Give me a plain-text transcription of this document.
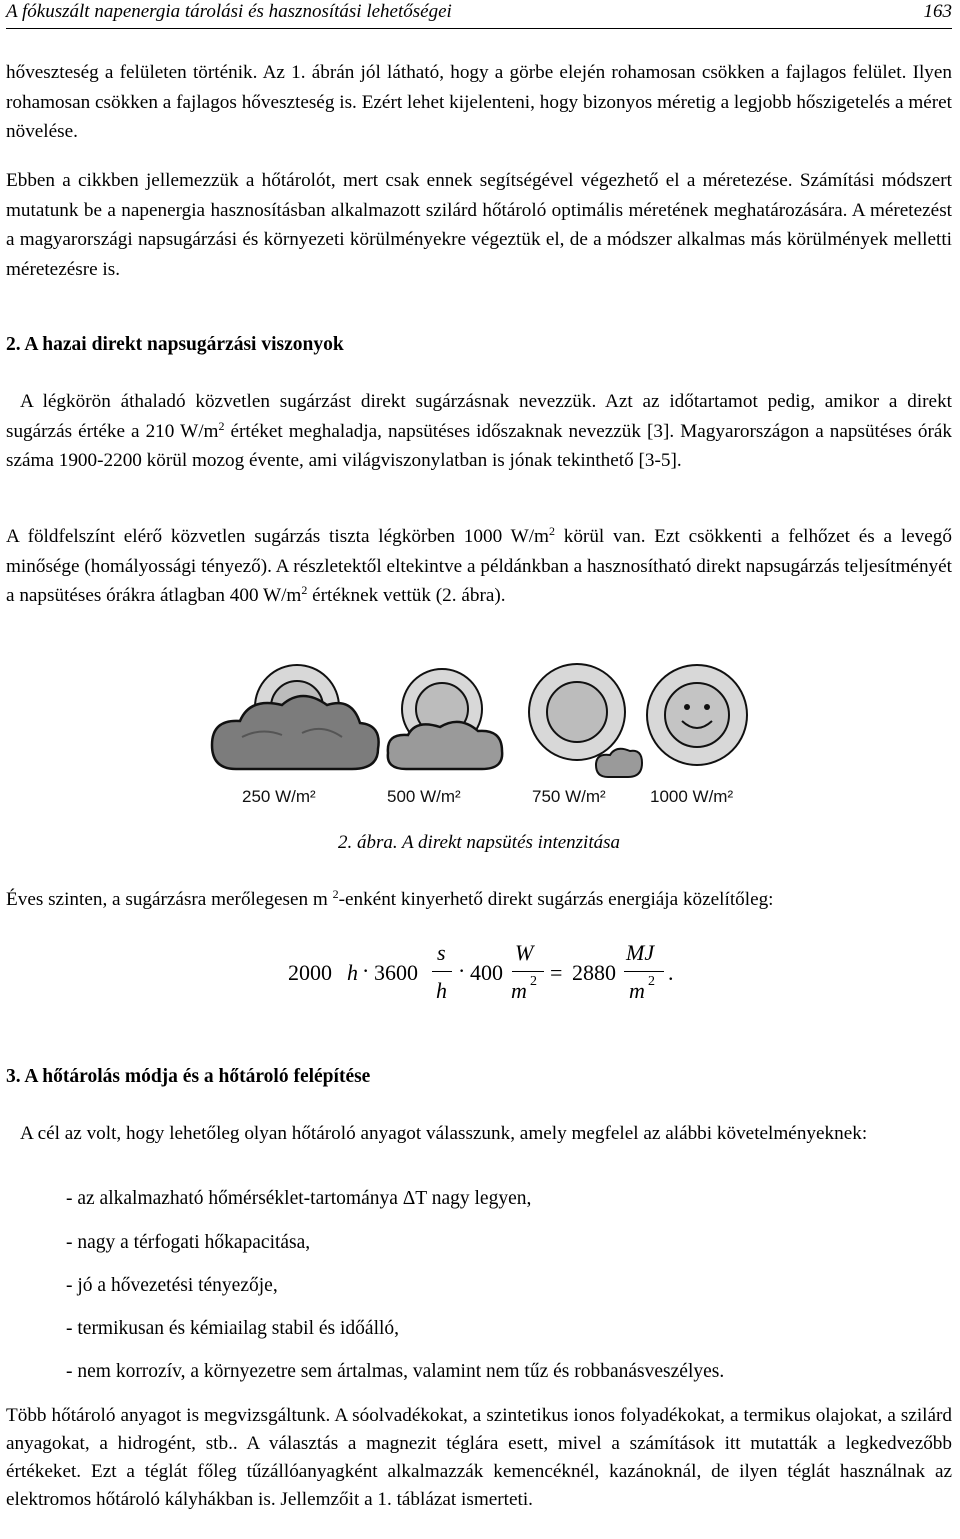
A fókuszált napenergia tárolási és hasznosítási lehetőségei	163

hőveszteség a felületen történik. Az 1. ábrán jól látható, hogy a görbe elején rohamosan csökken a fajlagos felület. Ilyen rohamosan csökken a fajlagos hőveszteség is. Ezért lehet kijelenteni, hogy bizonyos méretig a legjobb hőszigetelés a méret növelése.

Ebben a cikkben jellemezzük a hőtárolót, mert csak ennek segítségével végezhető el a méretezése. Számítási módszert mutatunk be a napenergia hasznosításban alkalmazott szilárd hőtároló optimális méretének meghatározására. A méretezést a magyarországi napsugárzási és környezeti körülményekre végeztük el, de a módszer alkalmas más körülmények melletti méretezésre is.

2. A hazai direkt napsugárzási viszonyok

A légkörön áthaladó közvetlen sugárzást direkt sugárzásnak nevezzük. Azt az időtartamot pedig, amikor a direkt sugárzás értéke a 210 $W/m^2$ értéket meghaladja, napsütéses időszaknak nevezzük [3]. Magyarországon a napsütéses órák száma 1900-2200 körül mozog évente, ami világviszonylatban is jónak tekinthető [3-5].

A földfelszínt elérő közvetlen sugárzás tiszta légkörben 1000 $W/m^2$ körül van. Ezt csökkenti a felhőzet és a levegő minősége (homályossági tényező). A részletektől eltekintve a példánkban a hasznosítható direkt napsugárzás teljesítményét a napsütéses órákra átlagban 400 $W/m^2$ értéknek vettük (2. ábra).

250 W/m²	500 W/m²	750 W/m²	1000 W/m²
2. ábra. A direkt napsütés intenzitása

Éves szinten, a sugárzásra merőlegesen m $^2$-enként kinyerhető direkt sugárzás energiája közelítőleg:

2000 h · 3600
s
h
· 400
W
m 2 = 2880
MJ
m 2 .
3. A hőtárolás módja és a hőtároló felépítése

A cél az volt, hogy lehetőleg olyan hőtároló anyagot válasszunk, amely megfelel az alábbi követelményeknek:

- az alkalmazható hőmérséklet-tartománya ΔT nagy legyen,
- nagy a térfogati hőkapacitása,
- jó a hővezetési tényezője,
- termikusan és kémiailag stabil és időálló,
- nem korrozív, a környezetre sem ártalmas, valamint nem tűz és robbanásveszélyes.

Több hőtároló anyagot is megvizsgáltunk. A sóolvadékokat, a szintetikus ionos folyadékokat, a termikus olajokat, a szilárd anyagokat, a hidrogént, stb.. A választás a magnezit téglára esett, mivel a számítások itt mutatták a legkedvezőbb értékeket. Ezt a téglát főleg tűzállóanyagként alkalmazzák kemencéknél, kazánoknál, de ilyen téglát használnak az elektromos hőtároló kályhákban is. Jellemzőit a 1. táblázat ismerteti.
